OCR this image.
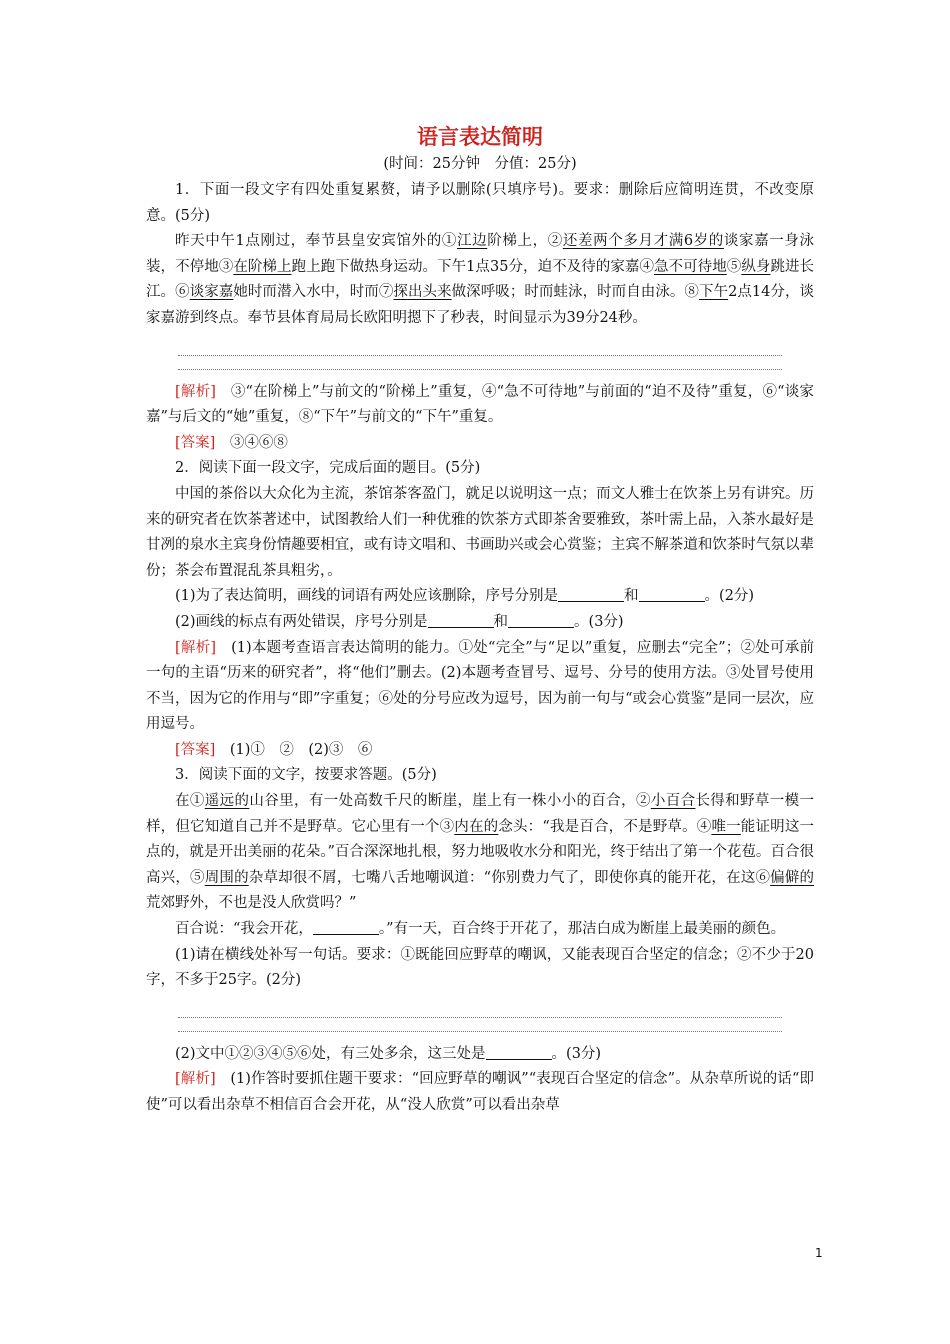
语言表达简明
(时间：25分钟　分值：25分)

1．下面一段文字有四处重复累赘，请予以删除(只填序号)。要求：删除后应简明连贯，不改变原意。(5分)

昨天中午1点刚过，奉节县皇安宾馆外的①江边阶梯上，②还差两个多月才满6岁的谈家嘉一身泳装，不停地③在阶梯上跑上跑下做热身运动。下午1点35分，迫不及待的家嘉④急不可待地⑤纵身跳进长江。⑥谈家嘉她时而潜入水中，时而⑦探出头来做深呼吸；时而蛙泳，时而自由泳。⑧下午2点14分，谈家嘉游到终点。奉节县体育局局长欧阳明摁下了秒表，时间显示为39分24秒。

[解析]　③“在阶梯上”与前文的“阶梯上”重复，④“急不可待地”与前面的“迫不及待”重复，⑥“谈家嘉”与后文的“她”重复，⑧“下午”与前文的“下午”重复。

[答案]　③④⑥⑧

2．阅读下面一段文字，完成后面的题目。(5分)

中国的茶俗以大众化为主流，茶馆茶客盈门，就足以说明这一点；而文人雅士在饮茶上另有讲究。历来的研究者在饮茶著述中，试图教给人们一种优雅的饮茶方式即茶舍要雅致，茶叶需上品，入茶水最好是甘冽的泉水主宾身份情趣要相宜，或有诗文唱和、书画助兴或会心赏鉴；主宾不解茶道和饮茶时气氛以辈份；茶会布置混乱茶具粗劣，。

(1)为了表达简明，画线的词语有两处应该删除，序号分别是	和	。(2分)

(2)画线的标点有两处错误，序号分别是	和	。(3分)

[解析]　(1)本题考查语言表达简明的能力。①处“完全”与“足以”重复，应删去“完全”；②处可承前一句的主语“历来的研究者”，将“他们”删去。(2)本题考查冒号、逗号、分号的使用方法。③处冒号使用不当，因为它的作用与“即”字重复；⑥处的分号应改为逗号，因为前一句与“或会心赏鉴”是同一层次，应用逗号。

[答案]　(1)①　②　(2)③　⑥

3．阅读下面的文字，按要求答题。(5分)

在①遥远的山谷里，有一处高数千尺的断崖，崖上有一株小小的百合，②小百合长得和野草一模一样，但它知道自己并不是野草。它心里有一个③内在的念头：“我是百合，不是野草。④唯一能证明这一点的，就是开出美丽的花朵。”百合深深地扎根，努力地吸收水分和阳光，终于结出了第一个花苞。百合很高兴，⑤周围的杂草却很不屑，七嘴八舌地嘲讽道：“你别费力气了，即使你真的能开花，在这⑥偏僻的荒郊野外，不也是没人欣赏吗？”

百合说：“我会开花，	。”有一天，百合终于开花了，那洁白成为断崖上最美丽的颜色。

(1)请在横线处补写一句话。要求：①既能回应野草的嘲讽，又能表现百合坚定的信念；②不少于20字，不多于25字。(2分)

(2)文中①②③④⑤⑥处，有三处多余，这三处是	。(3分)

[解析]　(1)作答时要抓住题干要求：“回应野草的嘲讽”“表现百合坚定的信念”。从杂草所说的话“即使”可以看出杂草不相信百合会开花，从“没人欣赏”可以看出杂草

1
